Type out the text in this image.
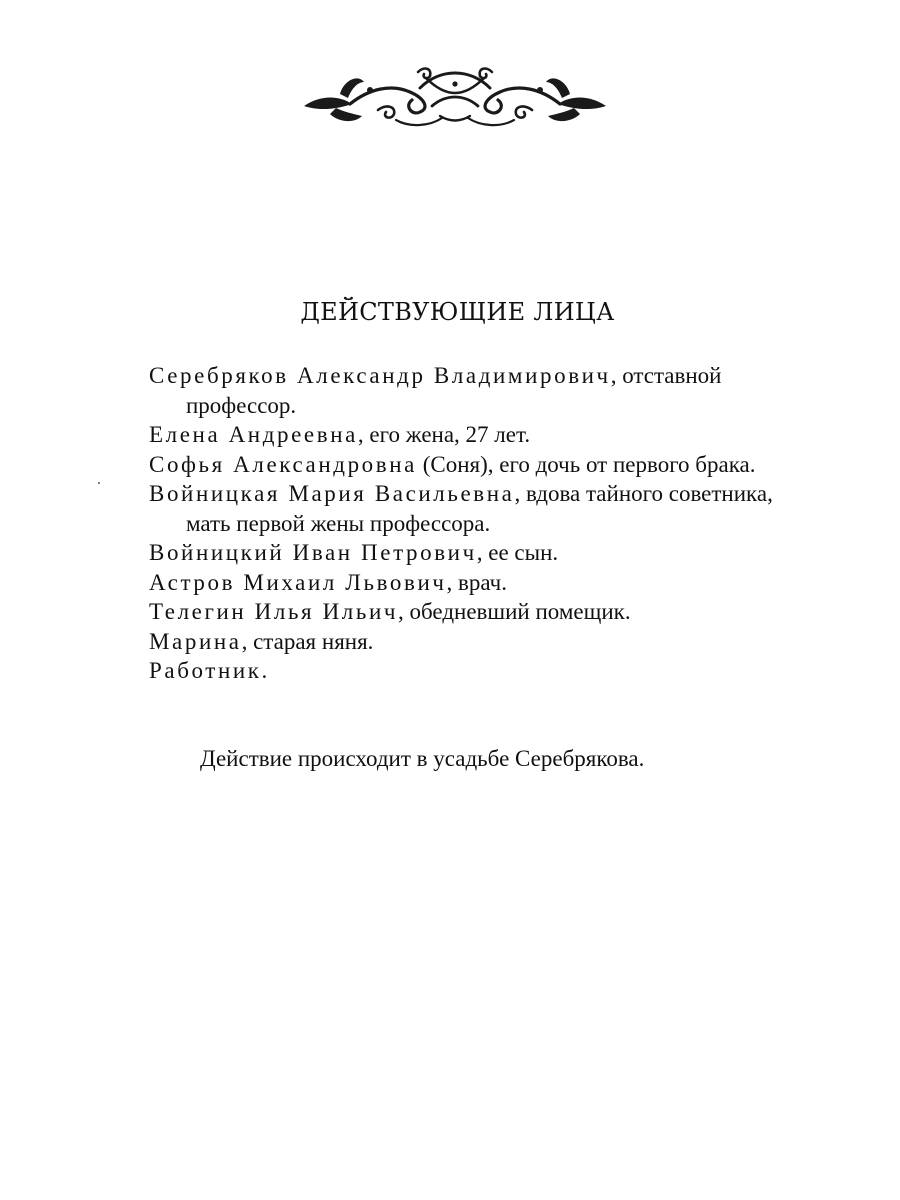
ДЕЙСТВУЮЩИЕ ЛИЦА
Серебряков Александр Владимирович, отставной профессор.
Елена Андреевна, его жена, 27 лет.
Софья Александровна (Соня), его дочь от первого брака.
Войницкая Мария Васильевна, вдова тайного советника, мать первой жены профессора.
Войницкий Иван Петрович, ее сын.
Астров Михаил Львович, врач.
Телегин Илья Ильич, обедневший помещик.
Марина, старая няня.
Работник.

Действие происходит в усадьбе Серебрякова.
